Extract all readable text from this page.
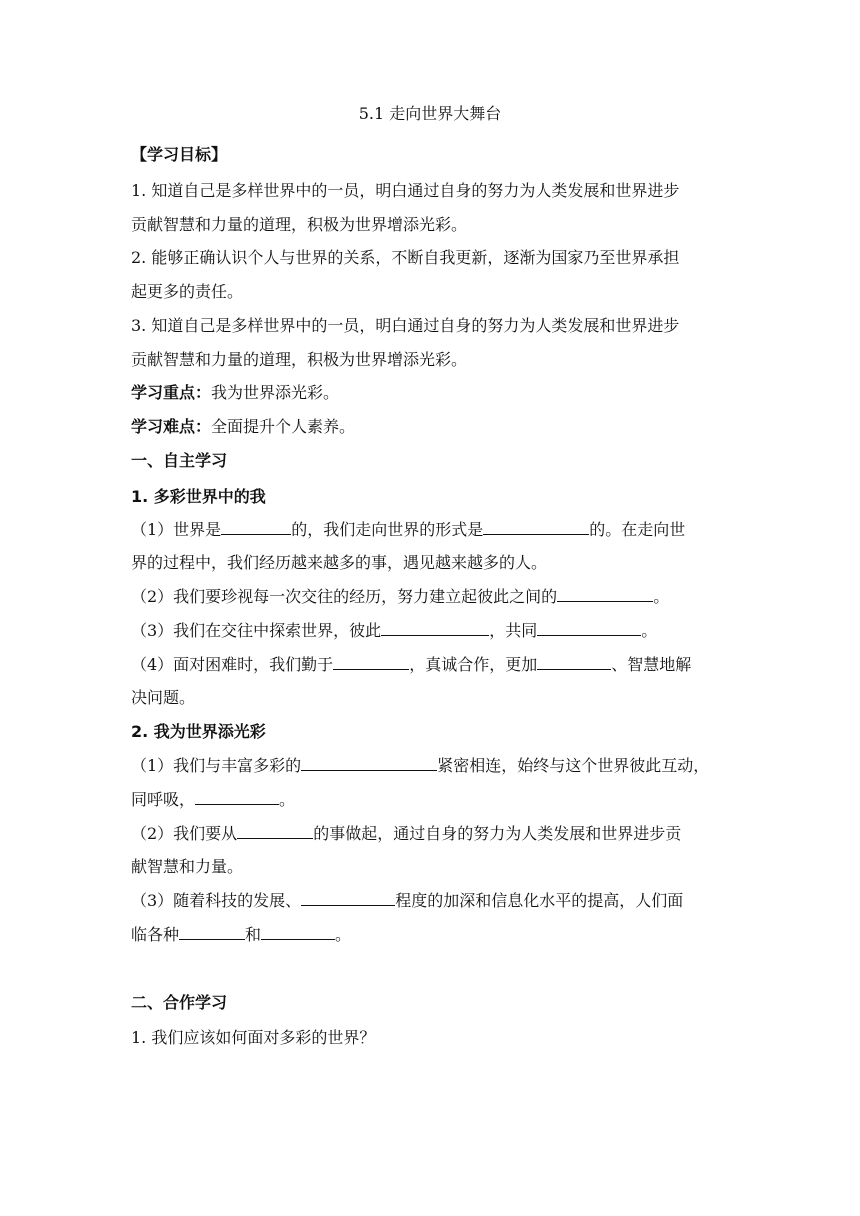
5.1 走向世界大舞台
【学习目标】
1. 知道自己是多样世界中的一员，明白通过自身的努力为人类发展和世界进步
贡献智慧和力量的道理，积极为世界增添光彩。
2. 能够正确认识个人与世界的关系，不断自我更新，逐渐为国家乃至世界承担
起更多的责任。
3. 知道自己是多样世界中的一员，明白通过自身的努力为人类发展和世界进步
贡献智慧和力量的道理，积极为世界增添光彩。
学习重点：我为世界添光彩。
学习难点：全面提升个人素养。
一、自主学习
1. 多彩世界中的我
（1）世界是	的，我们走向世界的形式是	的。在走向世
界的过程中，我们经历越来越多的事，遇见越来越多的人。
（2）我们要珍视每一次交往的经历，努力建立起彼此之间的	。
（3）我们在交往中探索世界，彼此	，共同	。
（4）面对困难时，我们勤于	，真诚合作，更加	、智慧地解
决问题。
2. 我为世界添光彩
（1）我们与丰富多彩的	紧密相连，始终与这个世界彼此互动，
同呼吸，	。
（2）我们要从	的事做起，通过自身的努力为人类发展和世界进步贡
献智慧和力量。
（3）随着科技的发展、	程度的加深和信息化水平的提高，人们面
临各种	和	。
二、合作学习
1. 我们应该如何面对多彩的世界？
